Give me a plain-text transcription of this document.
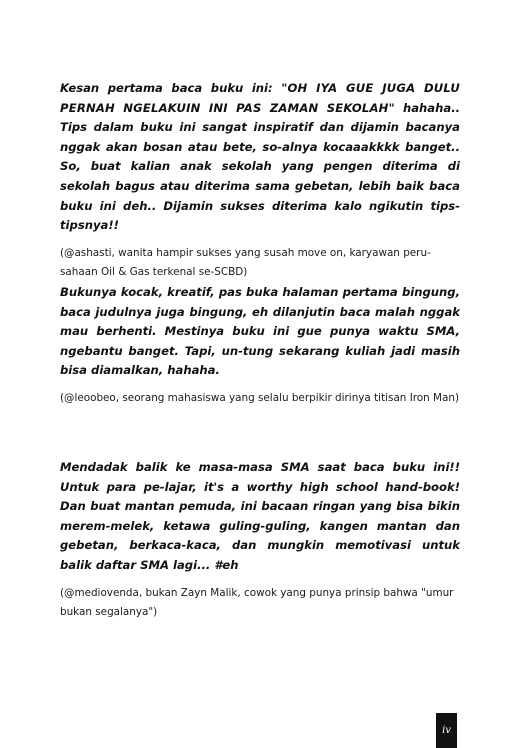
Kesan pertama baca buku ini: "OH IYA GUE JUGA DULU PERNAH NGELAKUIN INI PAS ZAMAN SEKOLAH" hahaha.. Tips dalam buku ini sangat inspiratif dan dijamin bacanya nggak akan bosan atau bete, so-alnya kocaaakkkk banget.. So, buat kalian anak sekolah yang pengen diterima di sekolah bagus atau diterima sama gebetan, lebih baik baca buku ini deh.. Dijamin sukses diterima kalo ngikutin tips-tipsnya!!

(@ashasti, wanita hampir sukses yang susah move on, karyawan peru-sahaan Oil & Gas terkenal se-SCBD)

Bukunya kocak, kreatif, pas buka halaman pertama bingung, baca judulnya juga bingung, eh dilanjutin baca malah nggak mau berhenti. Mestinya buku ini gue punya waktu SMA, ngebantu banget. Tapi, un-tung sekarang kuliah jadi masih bisa diamalkan, hahaha.

(@leoobeo, seorang mahasiswa yang selalu berpikir dirinya titisan Iron Man)

Mendadak balik ke masa-masa SMA saat baca buku ini!! Untuk para pe-lajar, it's a worthy high school hand-book! Dan buat mantan pemuda, ini bacaan ringan yang bisa bikin merem-melek, ketawa guling-guling, kangen mantan dan gebetan, berkaca-kaca, dan mungkin memotivasi untuk balik daftar SMA lagi... #eh

(@mediovenda, bukan Zayn Malik, cowok yang punya prinsip bahwa "umur bukan segalanya")

iv
